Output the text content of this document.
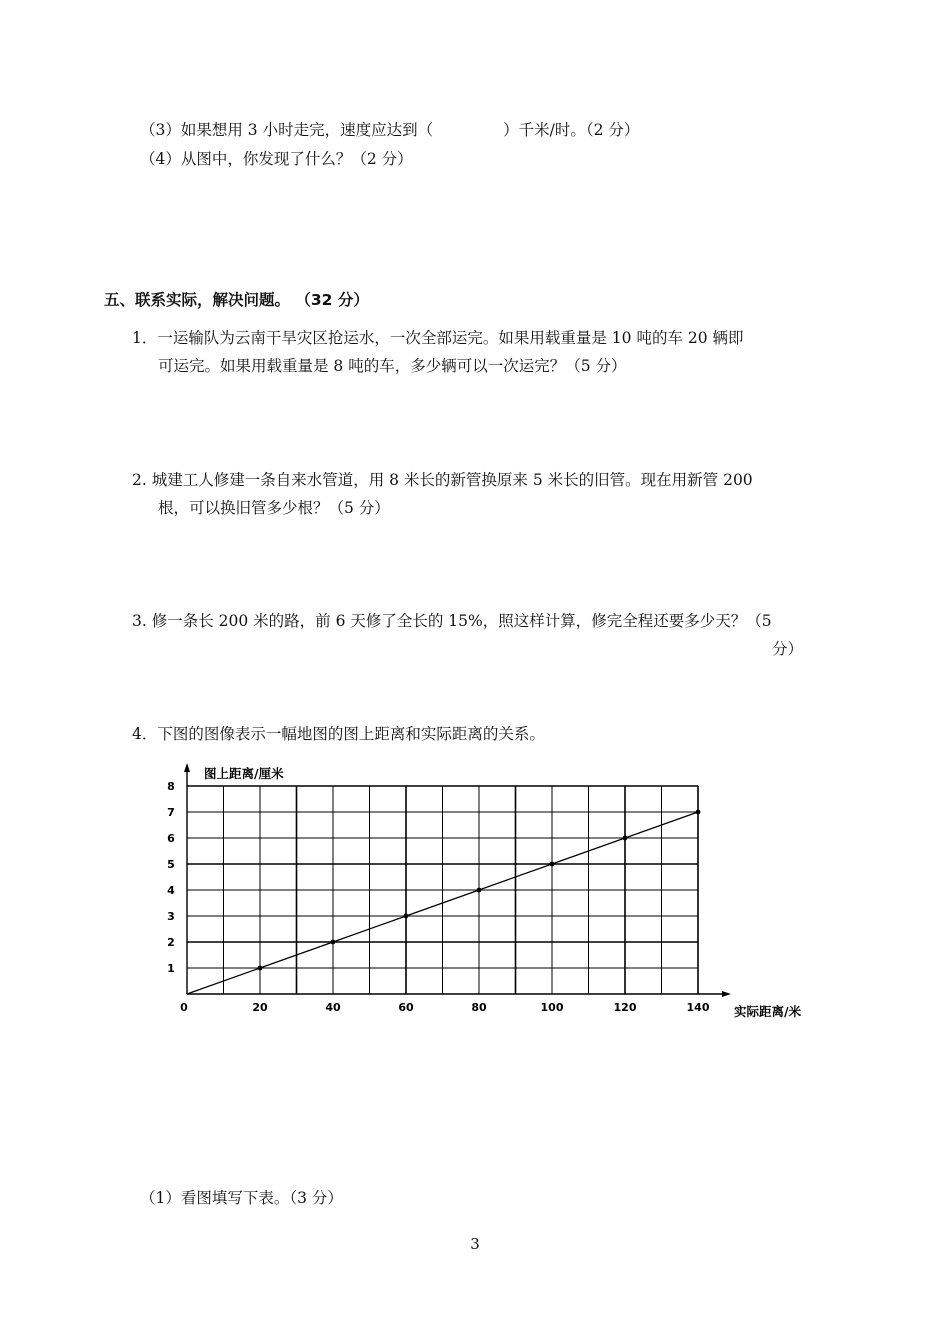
（3）如果想用 3 小时走完，速度应达到（	）千米/时。（2 分）
（4）从图中，你发现了什么？（2 分）
五、联系实际，解决问题。 （32 分）
1．一运输队为云南干旱灾区抢运水，一次全部运完。如果用载重量是 10 吨的车 20 辆即
可运完。如果用载重量是 8 吨的车，多少辆可以一次运完？（5 分）
2. 城建工人修建一条自来水管道，用 8 米长的新管换原来 5 米长的旧管。现在用新管 200
根，可以换旧管多少根？（5 分）
3. 修一条长 200 米的路，前 6 天修了全长的 15%，照这样计算，修完全程还要多少天？（5
分）
4．下图的图像表示一幅地图的图上距离和实际距离的关系。
0	20	40	60	80	100	120	140
1
2
3
4
5
6
7
8
图上距离/厘米
实际距离/米
（1）看图填写下表。（3 分）
3
